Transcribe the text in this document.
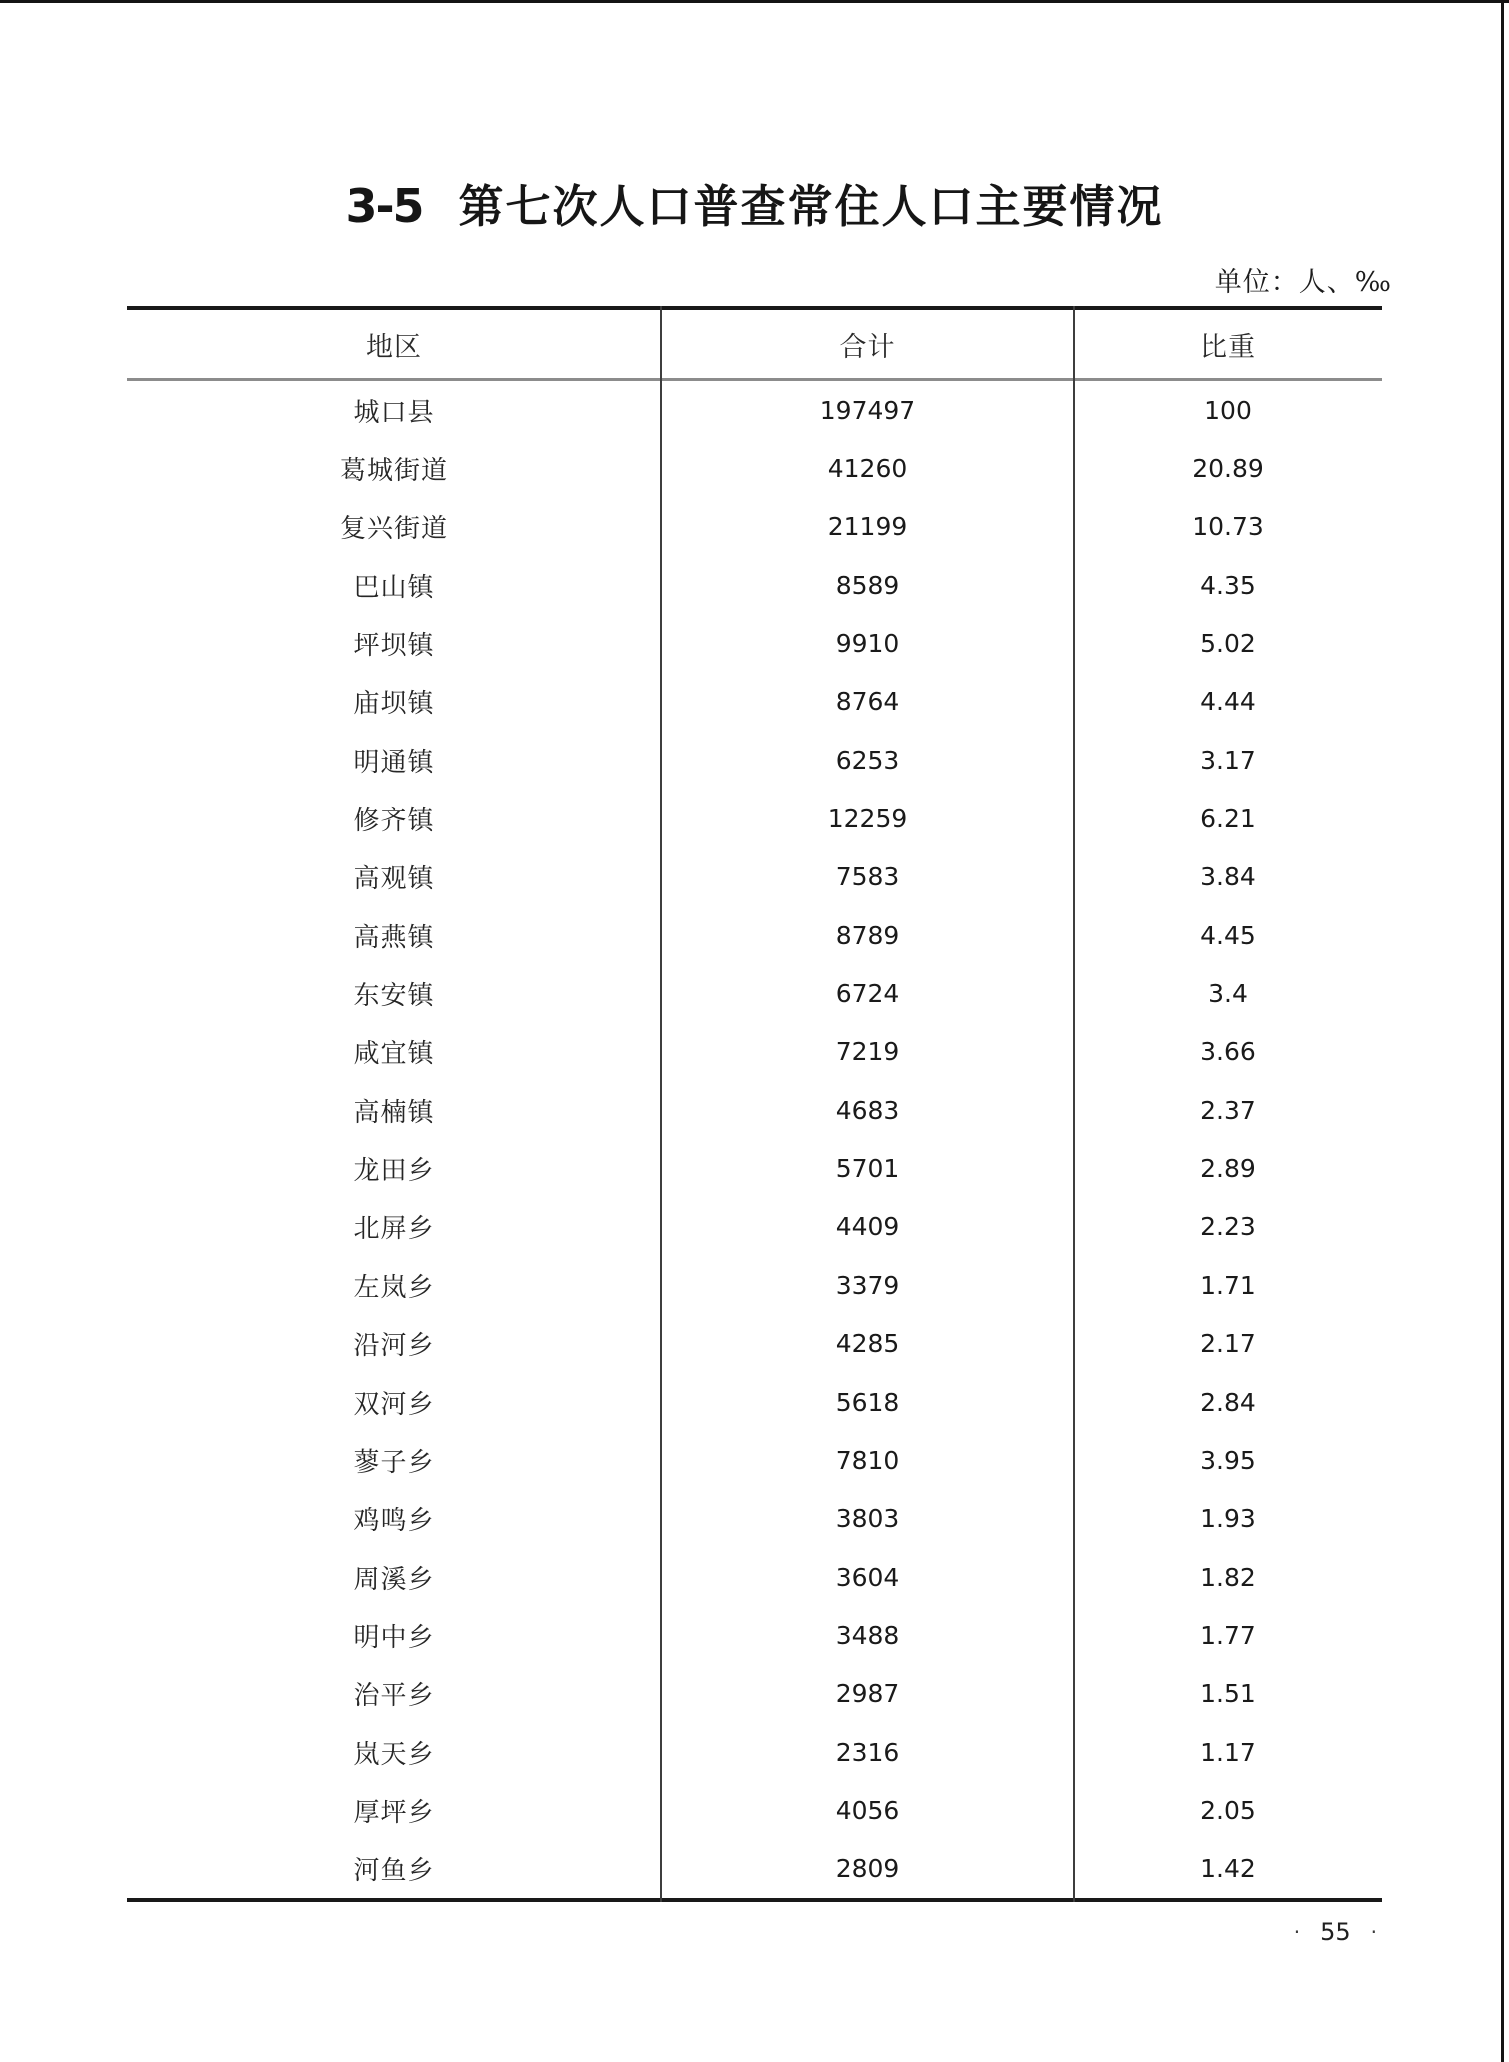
3-5 第七次人口普查常住人口主要情况
单位：人、‰
地区	合计	比重
城口县	197497	100
葛城街道	41260	20.89
复兴街道	21199	10.73
巴山镇	8589	4.35
坪坝镇	9910	5.02
庙坝镇	8764	4.44
明通镇	6253	3.17
修齐镇	12259	6.21
高观镇	7583	3.84
高燕镇	8789	4.45
东安镇	6724	3.4
咸宜镇	7219	3.66
高楠镇	4683	2.37
龙田乡	5701	2.89
北屏乡	4409	2.23
左岚乡	3379	1.71
沿河乡	4285	2.17
双河乡	5618	2.84
蓼子乡	7810	3.95
鸡鸣乡	3803	1.93
周溪乡	3604	1.82
明中乡	3488	1.77
治平乡	2987	1.51
岚天乡	2316	1.17
厚坪乡	4056	2.05
河鱼乡	2809	1.42
· 55 ·
